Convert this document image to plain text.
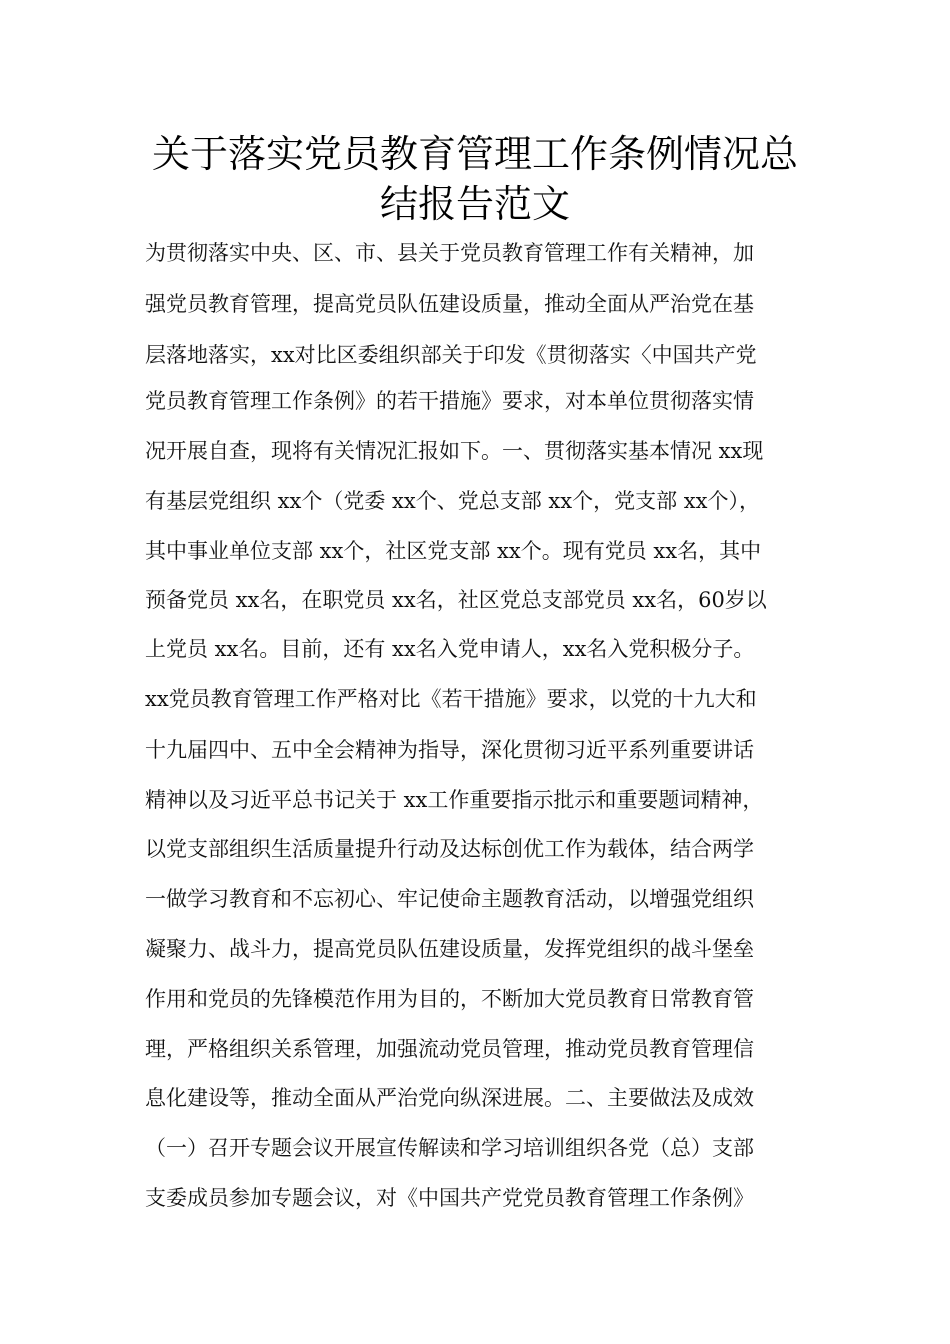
关于落实党员教育管理工作条例情况总
结报告范文
为贯彻落实中央、区、市、县关于党员教育管理工作有关精神，加
强党员教育管理，提高党员队伍建设质量，推动全面从严治党在基
层落地落实，xx对比区委组织部关于印发《贯彻落实〈中国共产党
党员教育管理工作条例》的若干措施》要求，对本单位贯彻落实情
况开展自查，现将有关情况汇报如下。一、贯彻落实基本情况 xx现
有基层党组织 xx个（党委 xx个、党总支部 xx个，党支部 xx个），
其中事业单位支部 xx个，社区党支部 xx个。现有党员 xx名，其中
预备党员 xx名，在职党员 xx名，社区党总支部党员 xx名，60岁以
上党员 xx名。目前，还有 xx名入党申请人，xx名入党积极分子。
xx党员教育管理工作严格对比《若干措施》要求，以党的十九大和
十九届四中、五中全会精神为指导，深化贯彻习近平系列重要讲话
精神以及习近平总书记关于 xx工作重要指示批示和重要题词精神，
以党支部组织生活质量提升行动及达标创优工作为载体，结合两学
一做学习教育和不忘初心、牢记使命主题教育活动，以增强党组织
凝聚力、战斗力，提高党员队伍建设质量，发挥党组织的战斗堡垒
作用和党员的先锋模范作用为目的，不断加大党员教育日常教育管
理，严格组织关系管理，加强流动党员管理，推动党员教育管理信
息化建设等，推动全面从严治党向纵深进展。二、主要做法及成效
（一）召开专题会议开展宣传解读和学习培训组织各党（总）支部
支委成员参加专题会议，对《中国共产党党员教育管理工作条例》
